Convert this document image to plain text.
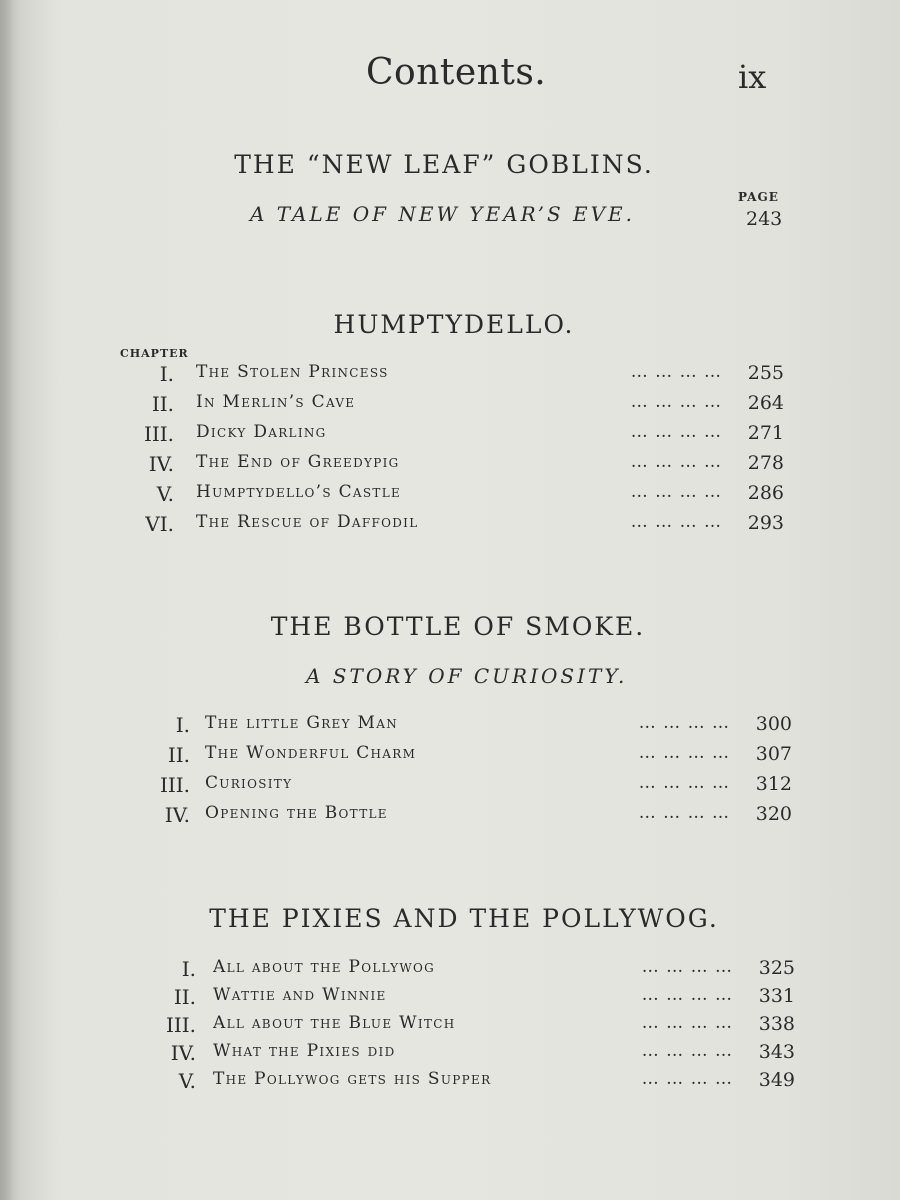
Contents.	ix
THE “NEW LEAF” GOBLINS.
PAGE
A TALE OF NEW YEAR’S EVE.	243
HUMPTYDELLO.
CHAPTER
I. The Stolen Princess	… … … …	255
II. In Merlin’s Cave	… … … …	264
III. Dicky Darling	… … … …	271
IV. The End of Greedypig	… … … …	278
V. Humptydello’s Castle	… … … …	286
VI. The Rescue of Daffodil	… … … …	293
THE BOTTLE OF SMOKE.
A STORY OF CURIOSITY.
I. The little Grey Man	… … … …	300
II. The Wonderful Charm	… … … …	307
III. Curiosity	… … … …	312
IV. Opening the Bottle	… … … …	320
THE PIXIES AND THE POLLYWOG.
I. All about the Pollywog	… … … …	325
II. Wattie and Winnie	… … … …	331
III. All about the Blue Witch	… … … …	338
IV. What the Pixies did	… … … …	343
V. The Pollywog gets his Supper	… … … …	349
